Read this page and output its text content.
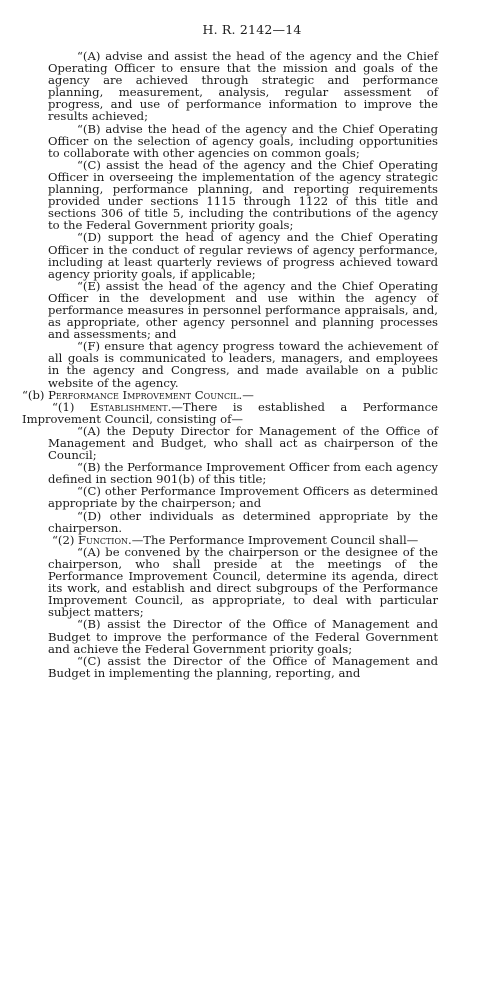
H. R. 2142—14

“(A) advise and assist the head of the agency and the Chief Operating Officer to ensure that the mission and goals of the agency are achieved through strategic and performance planning, measurement, analysis, regular assessment of progress, and use of performance information to improve the results achieved;

“(B) advise the head of the agency and the Chief Operating Officer on the selection of agency goals, including opportunities to collaborate with other agencies on common goals;

“(C) assist the head of the agency and the Chief Operating Officer in overseeing the implementation of the agency strategic planning, performance planning, and reporting requirements provided under sections 1115 through 1122 of this title and sections 306 of title 5, including the contributions of the agency to the Federal Government priority goals;

“(D) support the head of agency and the Chief Operating Officer in the conduct of regular reviews of agency performance, including at least quarterly reviews of progress achieved toward agency priority goals, if applicable;

“(E) assist the head of the agency and the Chief Operating Officer in the development and use within the agency of performance measures in personnel performance appraisals, and, as appropriate, other agency personnel and planning processes and assessments; and

“(F) ensure that agency progress toward the achievement of all goals is communicated to leaders, managers, and employees in the agency and Congress, and made available on a public website of the agency.

“(b) Performance Improvement Council.—

“(1) Establishment.—There is established a Performance Improvement Council, consisting of—

“(A) the Deputy Director for Management of the Office of Management and Budget, who shall act as chairperson of the Council;

“(B) the Performance Improvement Officer from each agency defined in section 901(b) of this title;

“(C) other Performance Improvement Officers as determined appropriate by the chairperson; and

“(D) other individuals as determined appropriate by the chairperson.

“(2) Function.—The Performance Improvement Council shall—

“(A) be convened by the chairperson or the designee of the chairperson, who shall preside at the meetings of the Performance Improvement Council, determine its agenda, direct its work, and establish and direct subgroups of the Performance Improvement Council, as appropriate, to deal with particular subject matters;

“(B) assist the Director of the Office of Management and Budget to improve the performance of the Federal Government and achieve the Federal Government priority goals;

“(C) assist the Director of the Office of Management and Budget in implementing the planning, reporting, and
